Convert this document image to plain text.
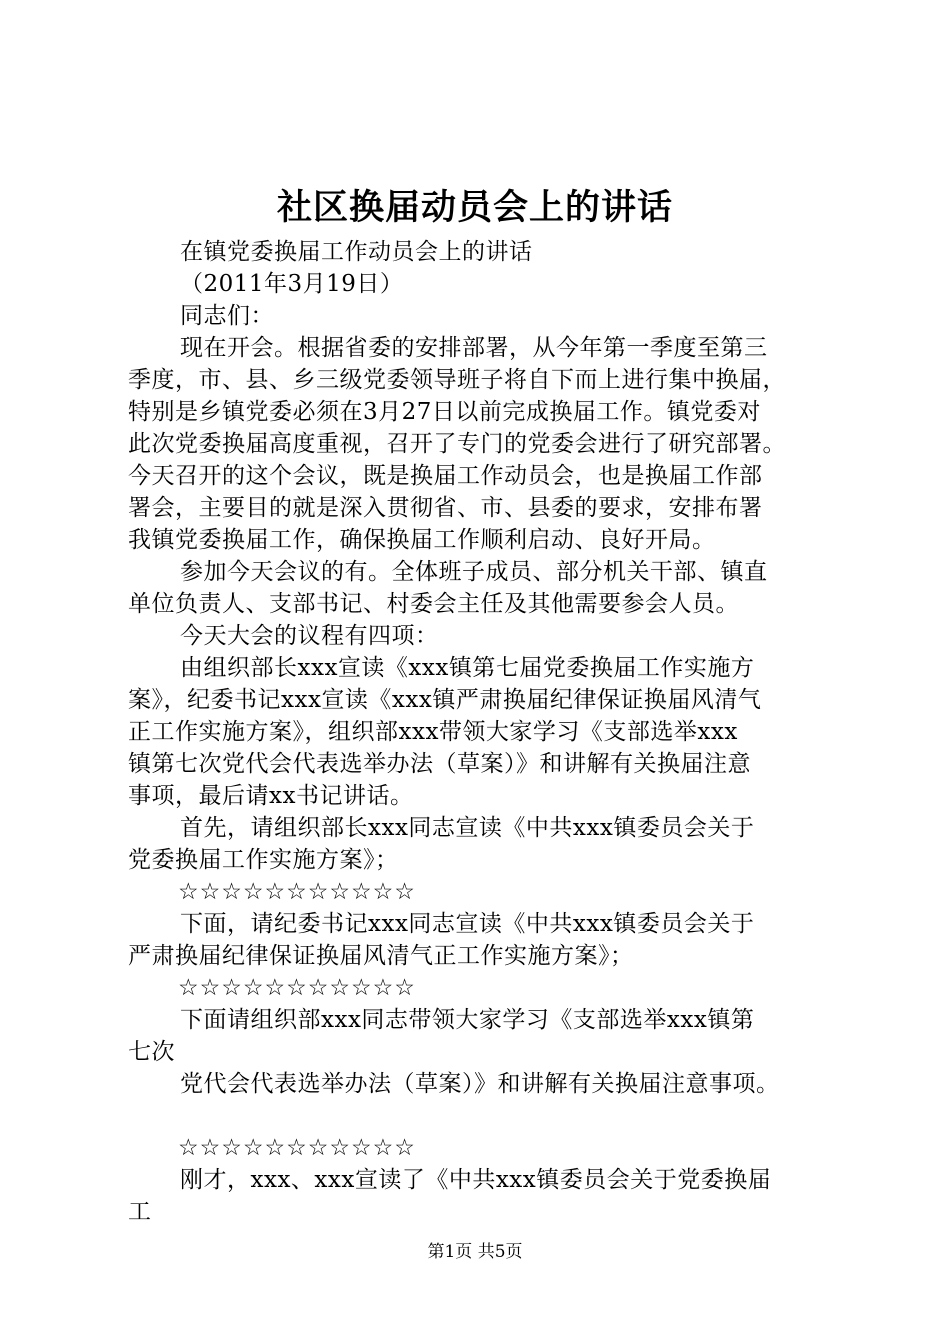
社区换届动员会上的讲话
在镇党委换届工作动员会上的讲话
（2011年3月19日）
同志们：
现在开会。根据省委的安排部署，从今年第一季度至第三
季度，市、县、乡三级党委领导班子将自下而上进行集中换届，
特别是乡镇党委必须在3月27日以前完成换届工作。镇党委对
此次党委换届高度重视，召开了专门的党委会进行了研究部署。
今天召开的这个会议，既是换届工作动员会，也是换届工作部
署会，主要目的就是深入贯彻省、市、县委的要求，安排布署
我镇党委换届工作，确保换届工作顺利启动、良好开局。
参加今天会议的有。全体班子成员、部分机关干部、镇直
单位负责人、支部书记、村委会主任及其他需要参会人员。
今天大会的议程有四项：
由组织部长xxx宣读《xxx镇第七届党委换届工作实施方
案》，纪委书记xxx宣读《xxx镇严肃换届纪律保证换届风清气
正工作实施方案》，组织部xxx带领大家学习《支部选举xxx
镇第七次党代会代表选举办法（草案）》和讲解有关换届注意
事项，最后请xx书记讲话。
首先，请组织部长xxx同志宣读《中共xxx镇委员会关于
党委换届工作实施方案》；
☆☆☆☆☆☆☆☆☆☆☆
下面，请纪委书记xxx同志宣读《中共xxx镇委员会关于
严肃换届纪律保证换届风清气正工作实施方案》；
☆☆☆☆☆☆☆☆☆☆☆
下面请组织部xxx同志带领大家学习《支部选举xxx镇第
七次
党代会代表选举办法（草案）》和讲解有关换届注意事项。
☆☆☆☆☆☆☆☆☆☆☆
刚才，xxx、xxx宣读了《中共xxx镇委员会关于党委换届
工
第1页 共5页
